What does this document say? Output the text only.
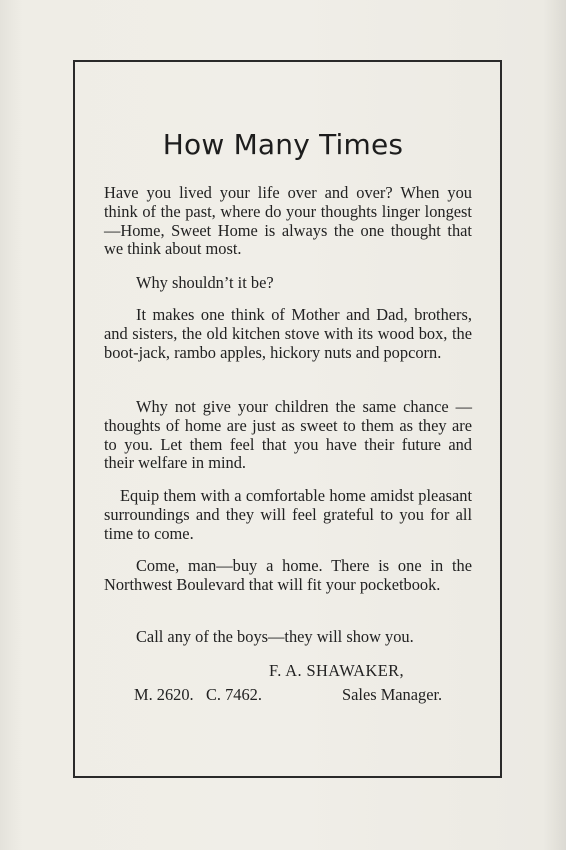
How Many Times

Have you lived your life over and over? When you think of the past, where do your thoughts linger longest—Home, Sweet Home is always the one thought that we think about most.

Why shouldn’t it be?

It makes one think of Mother and Dad, brothers, and sisters, the old kitchen stove with its wood box, the boot-jack, rambo apples, hickory nuts and popcorn.

Why not give your children the same chance —thoughts of home are just as sweet to them as they are to you. Let them feel that you have their future and their welfare in mind.

Equip them with a comfortable home amidst pleasant surroundings and they will feel grateful to you for all time to come.

Come, man—buy a home. There is one in the Northwest Boulevard that will fit your pocketbook.

Call any of the boys—they will show you.

F. A. SHAWAKER,

M. 2620.   C. 7462.	Sales Manager.
